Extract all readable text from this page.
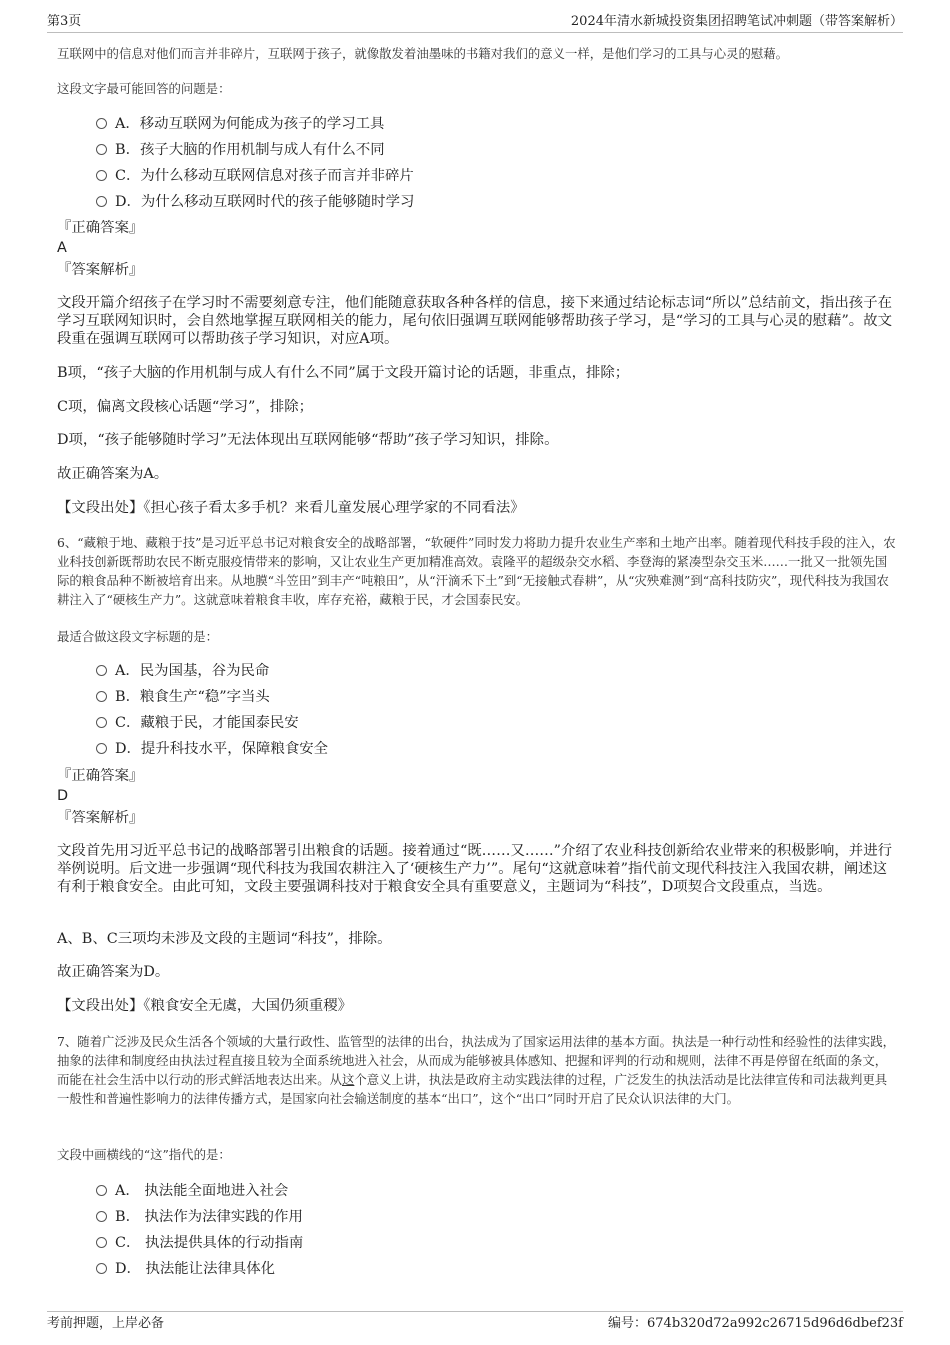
第3页	2024年清水新城投资集团招聘笔试冲刺题（带答案解析）
互联网中的信息对他们而言并非碎片，互联网于孩子，就像散发着油墨味的书籍对我们的意义一样，是他们学习的工具与心灵的慰藉。
这段文字最可能回答的问题是：
A．移动互联网为何能成为孩子的学习工具
B．孩子大脑的作用机制与成人有什么不同
C．为什么移动互联网信息对孩子而言并非碎片
D．为什么移动互联网时代的孩子能够随时学习
『正确答案』
A
『答案解析』
文段开篇介绍孩子在学习时不需要刻意专注，他们能随意获取各种各样的信息，接下来通过结论标志词“所以”总结前文，指出孩子在学习互联网知识时，会自然地掌握互联网相关的能力，尾句依旧强调互联网能够帮助孩子学习，是“学习的工具与心灵的慰藉”。故文段重在强调互联网可以帮助孩子学习知识，对应A项。
B项，“孩子大脑的作用机制与成人有什么不同”属于文段开篇讨论的话题，非重点，排除；
C项，偏离文段核心话题“学习”，排除；
D项，“孩子能够随时学习”无法体现出互联网能够“帮助”孩子学习知识，排除。
故正确答案为A。
【文段出处】《担心孩子看太多手机？来看儿童发展心理学家的不同看法》
6、“藏粮于地、藏粮于技”是习近平总书记对粮食安全的战略部署，“软硬件”同时发力将助力提升农业生产率和土地产出率。随着现代科技手段的注入，农业科技创新既帮助农民不断克服疫情带来的影响，又让农业生产更加精准高效。袁隆平的超级杂交水稻、李登海的紧凑型杂交玉米……一批又一批领先国际的粮食品种不断被培育出来。从地膜“斗笠田”到丰产“吨粮田”，从“汗滴禾下土”到“无接触式春耕”，从“灾殃难测”到“高科技防灾”，现代科技为我国农耕注入了“硬核生产力”。这就意味着粮食丰收，库存充裕，藏粮于民，才会国泰民安。
最适合做这段文字标题的是：
A．民为国基，谷为民命
B．粮食生产“稳”字当头
C．藏粮于民，才能国泰民安
D．提升科技水平，保障粮食安全
『正确答案』
D
『答案解析』
文段首先用习近平总书记的战略部署引出粮食的话题。接着通过“既……又……”介绍了农业科技创新给农业带来的积极影响，并进行举例说明。后文进一步强调“现代科技为我国农耕注入了‘硬核生产力’”。尾句“这就意味着”指代前文现代科技注入我国农耕，阐述这有利于粮食安全。由此可知，文段主要强调科技对于粮食安全具有重要意义，主题词为“科技”，D项契合文段重点，当选。
A、B、C三项均未涉及文段的主题词“科技”，排除。
故正确答案为D。
【文段出处】《粮食安全无虞，大国仍须重稷》
7、随着广泛涉及民众生活各个领域的大量行政性、监管型的法律的出台，执法成为了国家运用法律的基本方面。执法是一种行动性和经验性的法律实践，抽象的法律和制度经由执法过程直接且较为全面系统地进入社会，从而成为能够被具体感知、把握和评判的行动和规则，法律不再是停留在纸面的条文，而能在社会生活中以行动的形式鲜活地表达出来。从这个意义上讲，执法是政府主动实践法律的过程，广泛发生的执法活动是比法律宣传和司法裁判更具一般性和普遍性影响力的法律传播方式，是国家向社会输送制度的基本“出口”，这个“出口”同时开启了民众认识法律的大门。
文段中画横线的“这”指代的是：
A． 执法能全面地进入社会
B． 执法作为法律实践的作用
C． 执法提供具体的行动指南
D． 执法能让法律具体化
考前押题，上岸必备	编号：674b320d72a992c26715d96d6dbef23f
